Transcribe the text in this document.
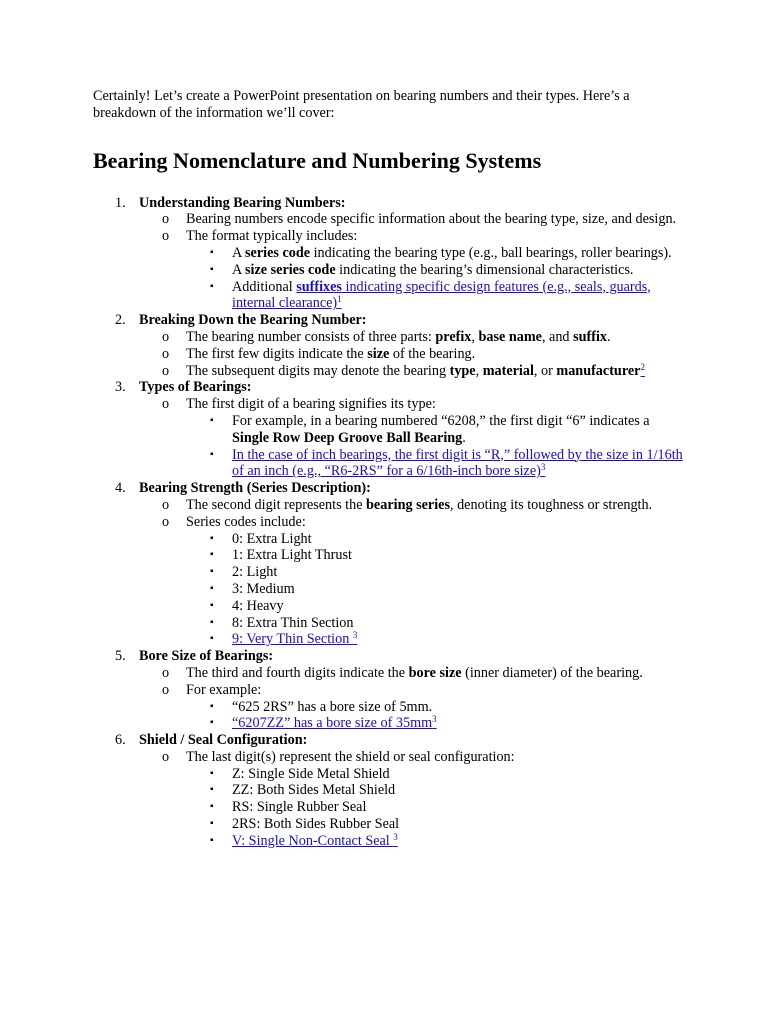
Certainly! Let’s create a PowerPoint presentation on bearing numbers and their types. Here’s a breakdown of the information we’ll cover:

Bearing Nomenclature and Numbering Systems
1. Understanding Bearing Numbers:
o Bearing numbers encode specific information about the bearing type, size, and design.
o The format typically includes:
▪ A series code indicating the bearing type (e.g., ball bearings, roller bearings).
▪ A size series code indicating the bearing’s dimensional characteristics.
▪ Additional suffixes indicating specific design features (e.g., seals, guards, internal clearance)$^1$
2. Breaking Down the Bearing Number:
o The bearing number consists of three parts: prefix, base name, and suffix.
o The first few digits indicate the size of the bearing.
o The subsequent digits may denote the bearing type, material, or manufacturer$^2$
3. Types of Bearings:
o The first digit of a bearing signifies its type:
▪ For example, in a bearing numbered “6208,” the first digit “6” indicates a Single Row Deep Groove Ball Bearing.
▪ In the case of inch bearings, the first digit is “R,” followed by the size in 1/16th of an inch (e.g., “R6-2RS” for a 6/16th-inch bore size)$^3$
4. Bearing Strength (Series Description):
o The second digit represents the bearing series, denoting its toughness or strength.
o Series codes include:
▪ 0: Extra Light
▪ 1: Extra Light Thrust
▪ 2: Light
▪ 3: Medium
▪ 4: Heavy
▪ 8: Extra Thin Section
▪ 9: Very Thin Section $^3$
5. Bore Size of Bearings:
o The third and fourth digits indicate the bore size (inner diameter) of the bearing.
o For example:
▪ “625 2RS” has a bore size of 5mm.
▪ “6207ZZ” has a bore size of $35mm^3$
6. Shield / Seal Configuration:
o The last digit(s) represent the shield or seal configuration:
▪ Z: Single Side Metal Shield
▪ ZZ: Both Sides Metal Shield
▪ RS: Single Rubber Seal
▪ 2RS: Both Sides Rubber Seal
▪ V: Single Non-Contact Seal $^3$
